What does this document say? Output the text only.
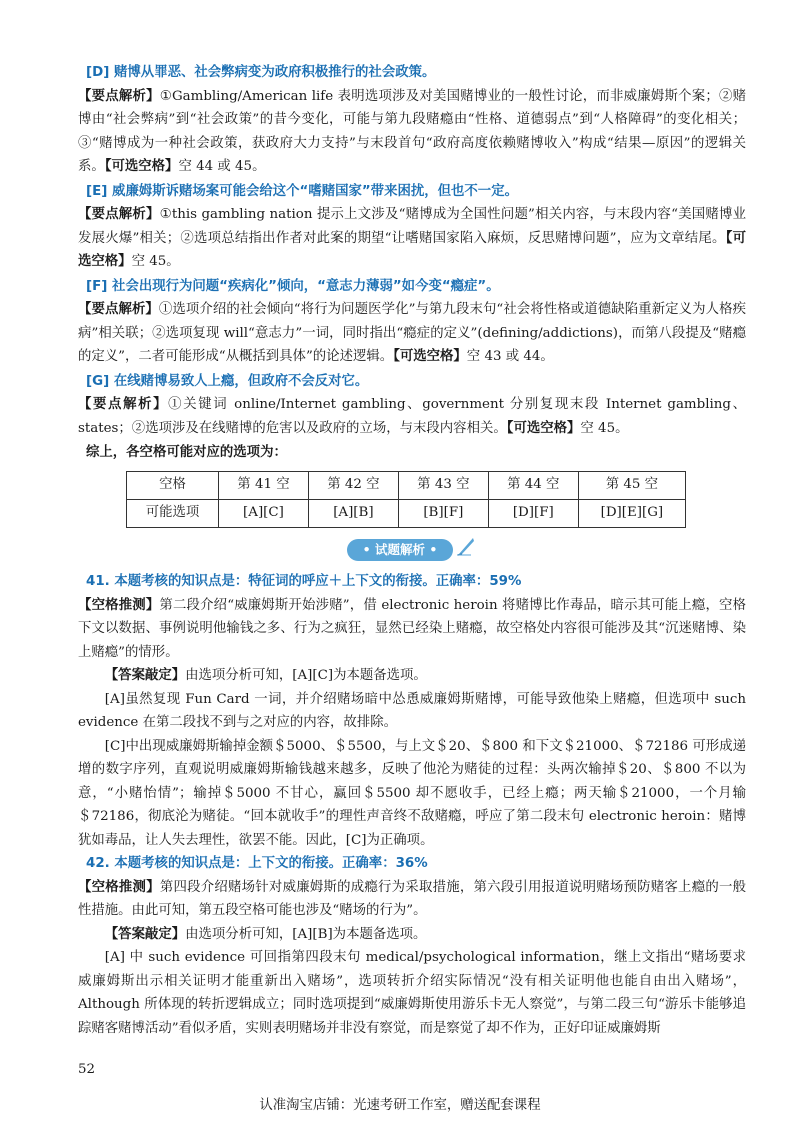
[D] 赌博从罪恶、社会弊病变为政府积极推行的社会政策。

【要点解析】①Gambling/American life 表明选项涉及对美国赌博业的一般性讨论，而非威廉姆斯个案；②赌博由“社会弊病”到“社会政策”的昔今变化，可能与第九段赌瘾由“性格、道德弱点”到“人格障碍”的变化相关；③“赌博成为一种社会政策，获政府大力支持”与末段首句“政府高度依赖赌博收入”构成“结果—原因”的逻辑关系。【可选空格】空 44 或 45。

[E] 威廉姆斯诉赌场案可能会给这个“嗜赌国家”带来困扰，但也不一定。

【要点解析】①this gambling nation 提示上文涉及“赌博成为全国性问题”相关内容，与末段内容“美国赌博业发展火爆”相关；②选项总结指出作者对此案的期望“让嗜赌国家陷入麻烦，反思赌博问题”，应为文章结尾。【可选空格】空 45。

[F] 社会出现行为问题“疾病化”倾向，“意志力薄弱”如今变“瘾症”。

【要点解析】①选项介绍的社会倾向“将行为问题医学化”与第九段末句“社会将性格或道德缺陷重新定义为人格疾病”相关联；②选项复现 will“意志力”一词，同时指出“瘾症的定义”(defining/addictions)，而第八段提及“赌瘾的定义”，二者可能形成“从概括到具体”的论述逻辑。【可选空格】空 43 或 44。

[G] 在线赌博易致人上瘾，但政府不会反对它。

【要点解析】①关键词 online/Internet gambling、government 分别复现末段 Internet gambling、states；②选项涉及在线赌博的危害以及政府的立场，与末段内容相关。【可选空格】空 45。

综上，各空格可能对应的选项为：

空格	第 41 空	第 42 空	第 43 空	第 44 空	第 45 空
可能选项	[A][C]	[A][B]	[B][F]	[D][F]	[D][E][G]
• 试题解析 •

41. 本题考核的知识点是：特征词的呼应＋上下文的衔接。正确率：59%

【空格推测】第二段介绍“威廉姆斯开始涉赌”，借 electronic heroin 将赌博比作毒品，暗示其可能上瘾，空格下文以数据、事例说明他输钱之多、行为之疯狂，显然已经染上赌瘾，故空格处内容很可能涉及其“沉迷赌博、染上赌瘾”的情形。

【答案敲定】由选项分析可知，[A][C]为本题备选项。

[A]虽然复现 Fun Card 一词，并介绍赌场暗中怂恿威廉姆斯赌博，可能导致他染上赌瘾，但选项中 such evidence 在第二段找不到与之对应的内容，故排除。

[C]中出现威廉姆斯输掉金额＄5000、＄5500，与上文＄20、＄800 和下文＄21000、＄72186 可形成递增的数字序列，直观说明威廉姆斯输钱越来越多，反映了他沦为赌徒的过程：头两次输掉＄20、＄800 不以为意，“小赌怡情”；输掉＄5000 不甘心，赢回＄5500 却不愿收手，已经上瘾；两天输＄21000，一个月输＄72186，彻底沦为赌徒。“回本就收手”的理性声音终不敌赌瘾，呼应了第二段末句 electronic heroin：赌博犹如毒品，让人失去理性，欲罢不能。因此，[C]为正确项。

42. 本题考核的知识点是：上下文的衔接。正确率：36%

【空格推测】第四段介绍赌场针对威廉姆斯的成瘾行为采取措施，第六段引用报道说明赌场预防赌客上瘾的一般性措施。由此可知，第五段空格可能也涉及“赌场的行为”。

【答案敲定】由选项分析可知，[A][B]为本题备选项。

[A] 中 such evidence 可回指第四段末句 medical/psychological information，继上文指出“赌场要求威廉姆斯出示相关证明才能重新出入赌场”，选项转折介绍实际情况“没有相关证明他也能自由出入赌场”，Although 所体现的转折逻辑成立；同时选项提到“威廉姆斯使用游乐卡无人察觉”，与第二段三句“游乐卡能够追踪赌客赌博活动”看似矛盾，实则表明赌场并非没有察觉，而是察觉了却不作为，正好印证威廉姆斯

52
认准淘宝店铺：光速考研工作室，赠送配套课程
